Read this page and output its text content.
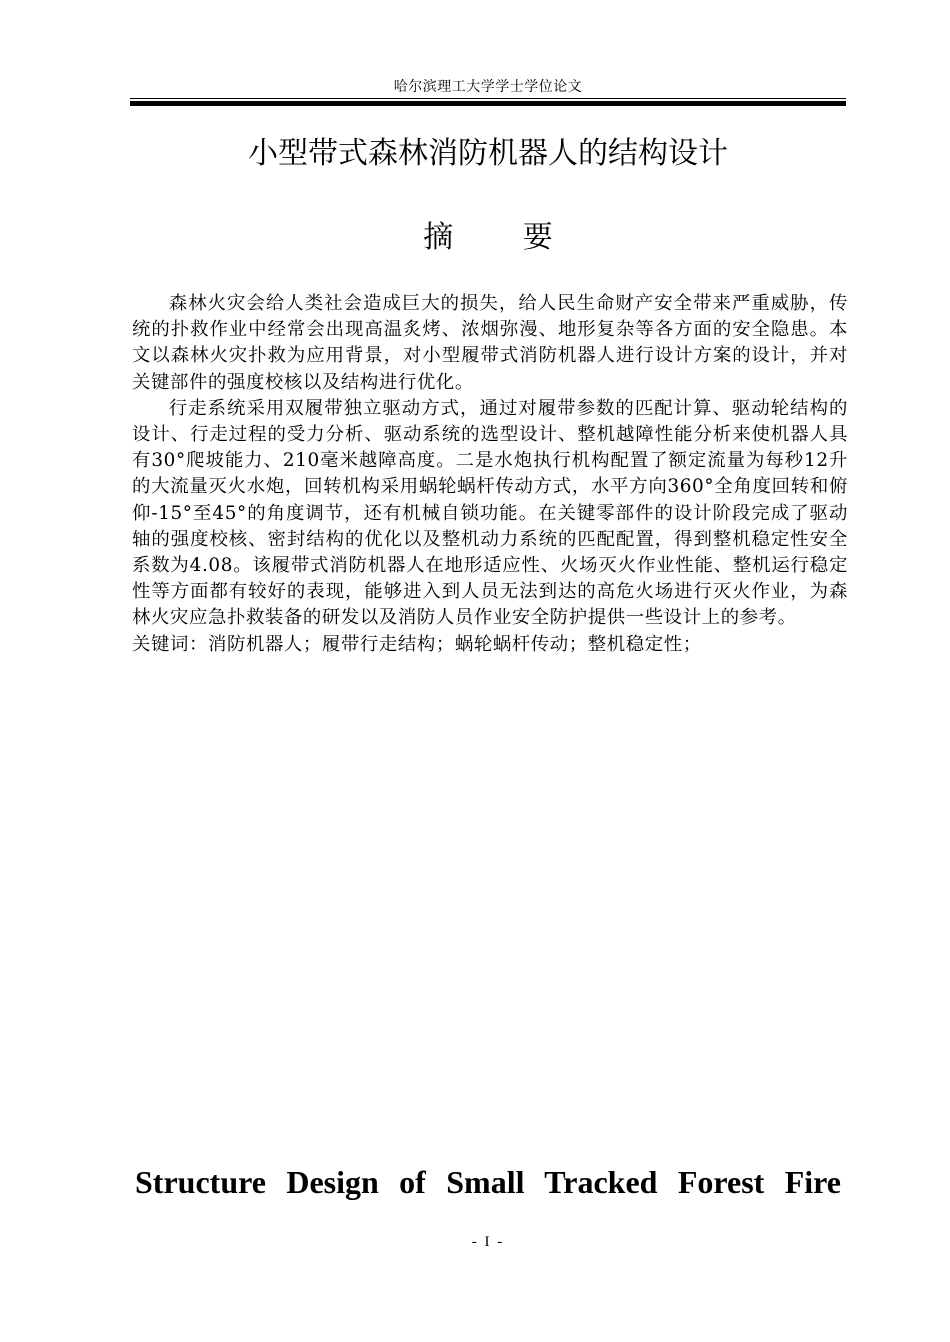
哈尔滨理工大学学士学位论文
小型带式森林消防机器人的结构设计
摘 要

森林火灾会给人类社会造成巨大的损失，给人民生命财产安全带来严重威胁，传统的扑救作业中经常会出现高温炙烤、浓烟弥漫、地形复杂等各方面的安全隐患。本文以森林火灾扑救为应用背景，对小型履带式消防机器人进行设计方案的设计，并对关键部件的强度校核以及结构进行优化。

行走系统采用双履带独立驱动方式，通过对履带参数的匹配计算、驱动轮结构的设计、行走过程的受力分析、驱动系统的选型设计、整机越障性能分析来使机器人具有30°爬坡能力、210毫米越障高度。二是水炮执行机构配置了额定流量为每秒12升的大流量灭火水炮，回转机构采用蜗轮蜗杆传动方式，水平方向360°全角度回转和俯仰-15°至45°的角度调节，还有机械自锁功能。在关键零部件的设计阶段完成了驱动轴的强度校核、密封结构的优化以及整机动力系统的匹配配置，得到整机稳定性安全系数为4.08。该履带式消防机器人在地形适应性、火场灭火作业性能、整机运行稳定性等方面都有较好的表现，能够进入到人员无法到达的高危火场进行灭火作业，为森林火灾应急扑救装备的研发以及消防人员作业安全防护提供一些设计上的参考。

关键词：消防机器人；履带行走结构；蜗轮蜗杆传动；整机稳定性；

Structure Design of Small Tracked Forest Fire
- I -
